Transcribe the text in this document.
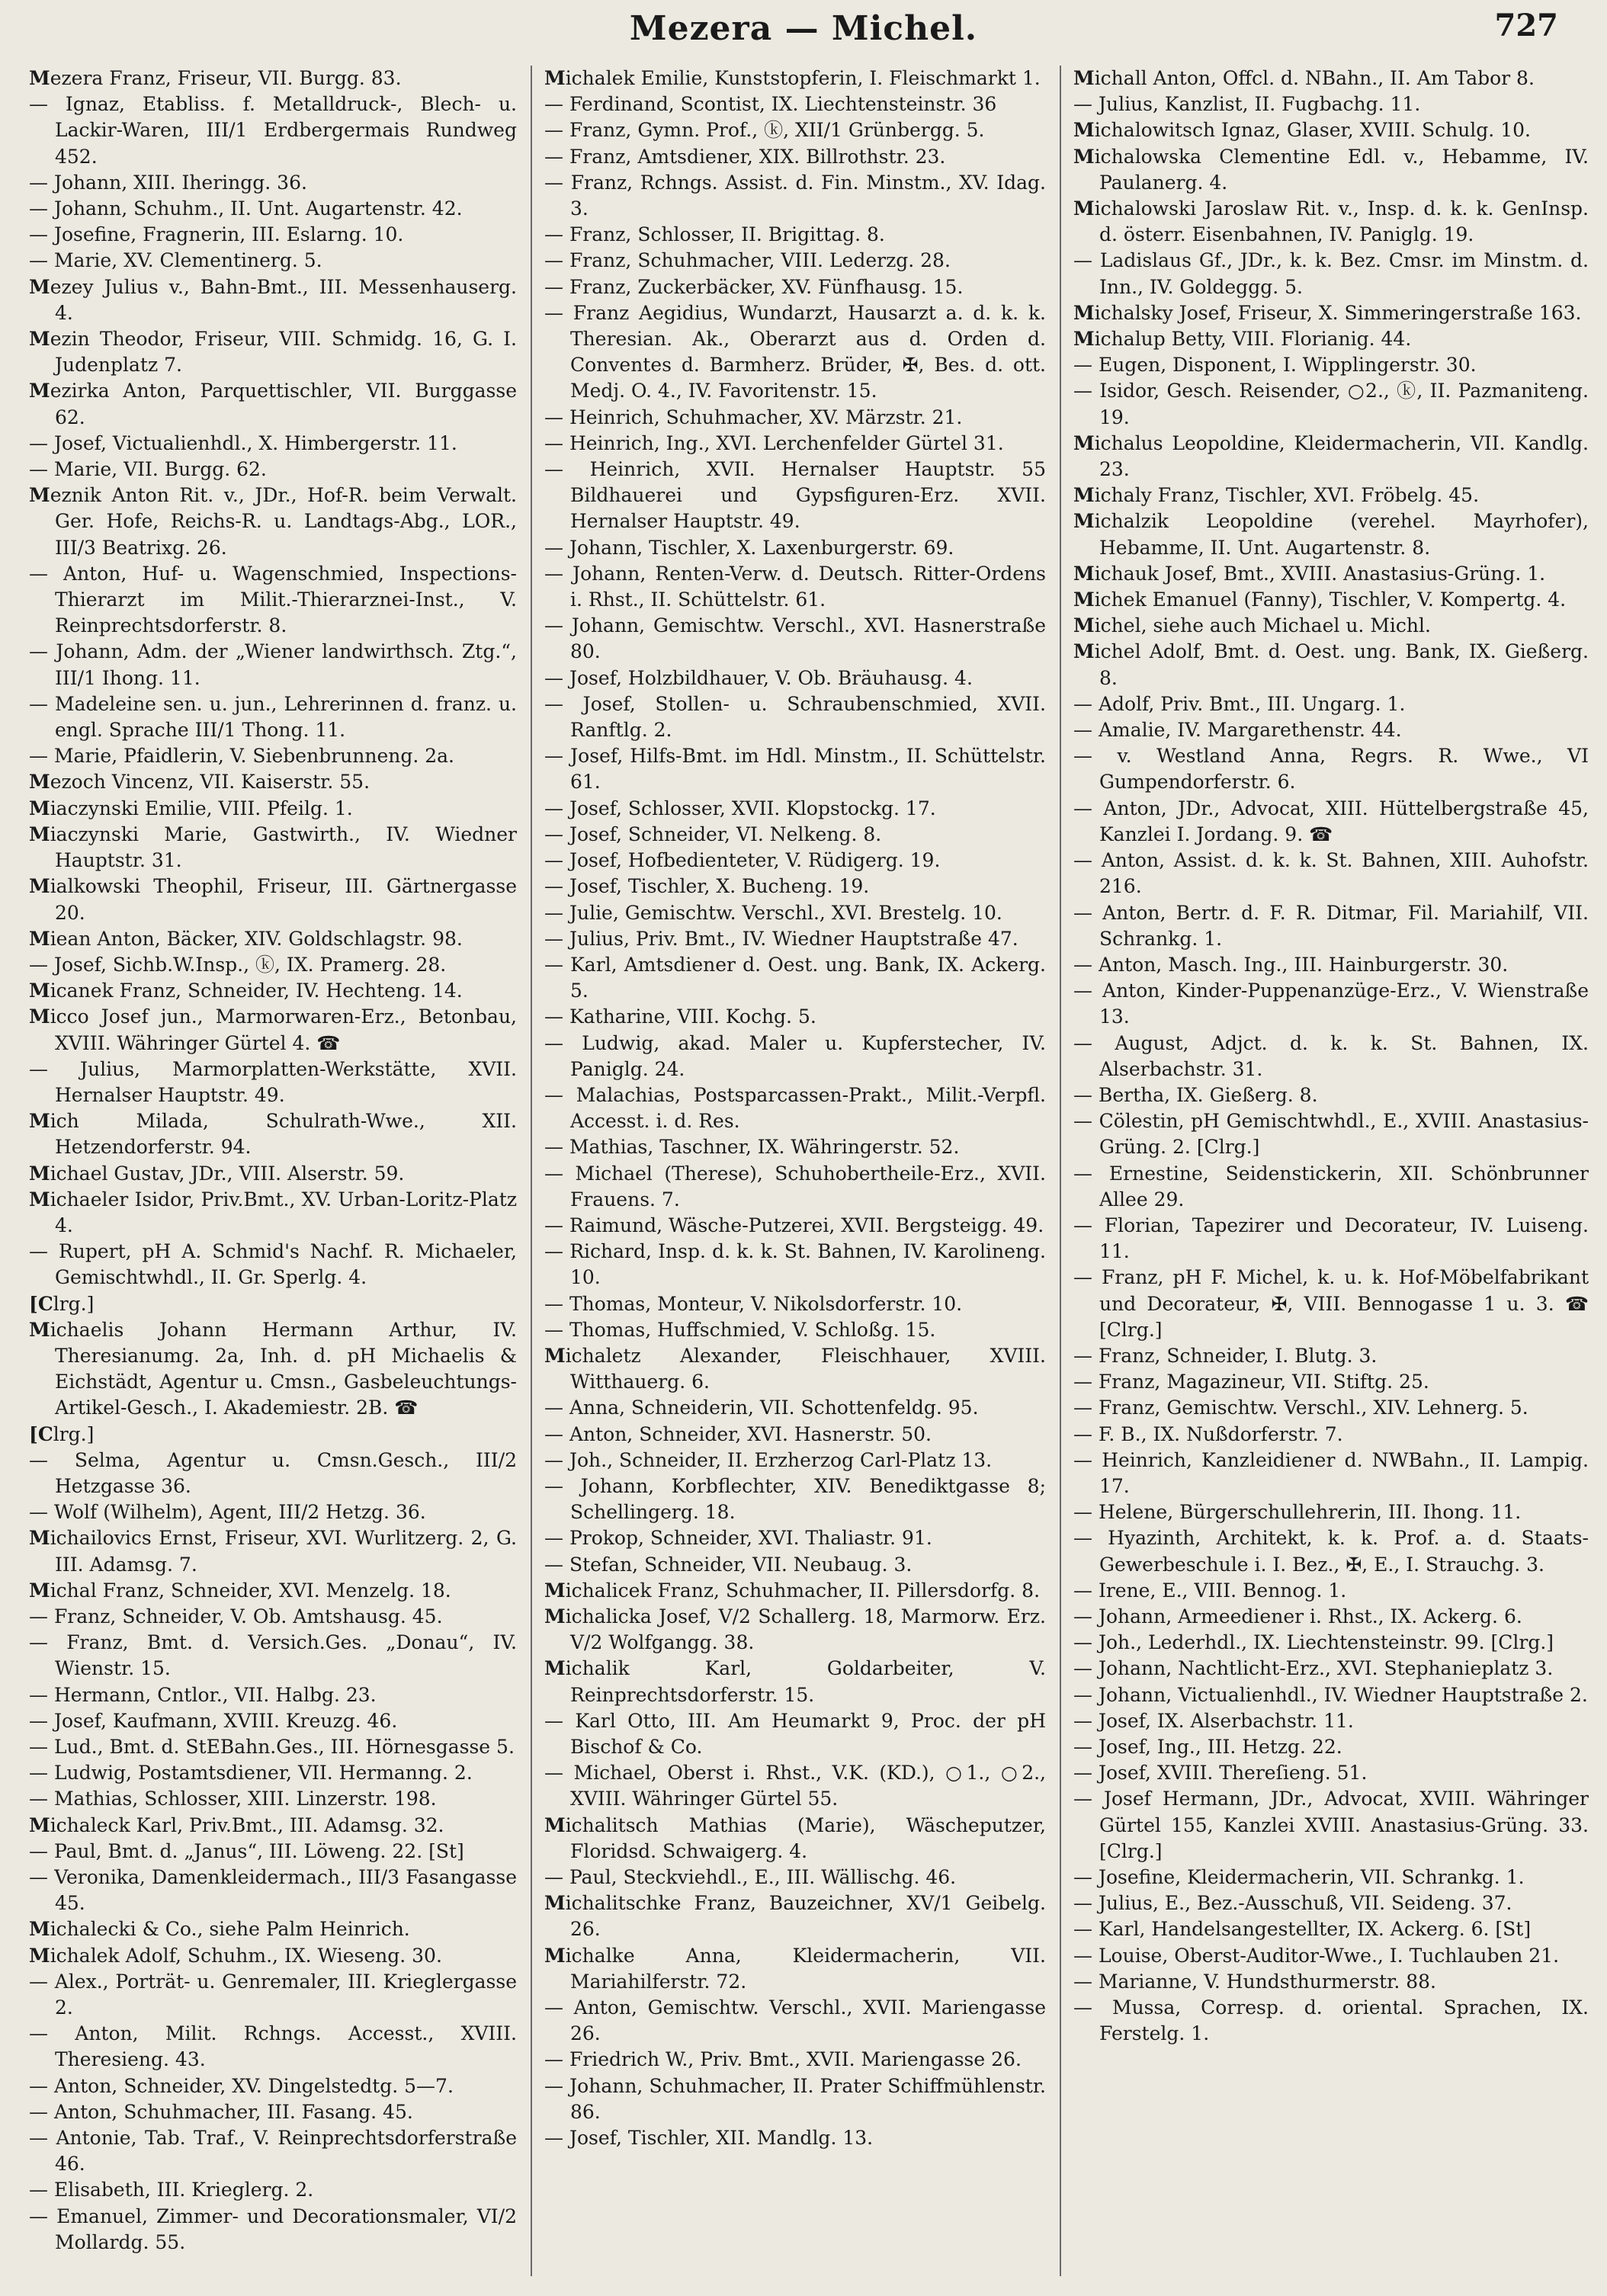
Mezera — Michel.	727
Mezera Franz, Friseur, VII. Burgg. 83.
— Ignaz, Etabliss. f. Metalldruck-, Blech- u. Lackir-Waren, III/1 Erdbergermais Rundweg 452.
— Johann, XIII. Iheringg. 36.
— Johann, Schuhm., II. Unt. Augartenstr. 42.
— Josefine, Fragnerin, III. Eslarng. 10.
— Marie, XV. Clementinerg. 5.
Mezey Julius v., Bahn-Bmt., III. Messenhauserg. 4.
Mezin Theodor, Friseur, VIII. Schmidg. 16, G. I. Judenplatz 7.
Mezirka Anton, Parquettischler, VII. Burggasse 62.
— Josef, Victualienhdl., X. Himbergerstr. 11.
— Marie, VII. Burgg. 62.
Meznik Anton Rit. v., JDr., Hof-R. beim Verwalt. Ger. Hofe, Reichs-R. u. Landtags-Abg., LOR., III/3 Beatrixg. 26.
— Anton, Huf- u. Wagenschmied, Inspections-Thierarzt im Milit.-Thierarznei-Inst., V. Reinprechtsdorferstr. 8.
— Johann, Adm. der „Wiener landwirthsch. Ztg.“, III/1 Ihong. 11.
— Madeleine sen. u. jun., Lehrerinnen d. franz. u. engl. Sprache III/1 Thong. 11.
— Marie, Pfaidlerin, V. Siebenbrunneng. 2a.
Mezoch Vincenz, VII. Kaiserstr. 55.
Miaczynski Emilie, VIII. Pfeilg. 1.
Miaczynski Marie, Gastwirth., IV. Wiedner Hauptstr. 31.
Mialkowski Theophil, Friseur, III. Gärtnergasse 20.
Miean Anton, Bäcker, XIV. Goldschlagstr. 98.
— Josef, Sichb.W.Insp., ⓚ, IX. Pramerg. 28.
Micanek Franz, Schneider, IV. Hechteng. 14.
Micco Josef jun., Marmorwaren-Erz., Betonbau, XVIII. Währinger Gürtel 4. ☎
— Julius, Marmorplatten-Werkstätte, XVII. Hernalser Hauptstr. 49.
Mich Milada, Schulrath-Wwe., XII. Hetzendorferstr. 94.
Michael Gustav, JDr., VIII. Alserstr. 59.
Michaeler Isidor, Priv.Bmt., XV. Urban-Loritz-Platz 4.
— Rupert, pH A. Schmid's Nachf. R. Michaeler, Gemischtwhdl., II. Gr. Sperlg. 4.
[Clrg.]
Michaelis Johann Hermann Arthur, IV. Theresianumg. 2a, Inh. d. pH Michaelis & Eichstädt, Agentur u. Cmsn., Gasbeleuchtungs-Artikel-Gesch., I. Akademiestr. 2B. ☎
[Clrg.]
— Selma, Agentur u. Cmsn.Gesch., III/2 Hetzgasse 36.
— Wolf (Wilhelm), Agent, III/2 Hetzg. 36.
Michailovics Ernst, Friseur, XVI. Wurlitzerg. 2, G. III. Adamsg. 7.
Michal Franz, Schneider, XVI. Menzelg. 18.
— Franz, Schneider, V. Ob. Amtshausg. 45.
— Franz, Bmt. d. Versich.Ges. „Donau“, IV. Wienstr. 15.
— Hermann, Cntlor., VII. Halbg. 23.
— Josef, Kaufmann, XVIII. Kreuzg. 46.
— Lud., Bmt. d. StEBahn.Ges., III. Hörnesgasse 5.
— Ludwig, Postamtsdiener, VII. Hermanng. 2.
— Mathias, Schlosser, XIII. Linzerstr. 198.
Michaleck Karl, Priv.Bmt., III. Adamsg. 32.
— Paul, Bmt. d. „Janus“, III. Löweng. 22. [St]
— Veronika, Damenkleidermach., III/3 Fasangasse 45.
Michalecki & Co., siehe Palm Heinrich.
Michalek Adolf, Schuhm., IX. Wieseng. 30.
— Alex., Porträt- u. Genremaler, III. Krieglergasse 2.
— Anton, Milit. Rchngs. Accesst., XVIII. Theresieng. 43.
— Anton, Schneider, XV. Dingelstedtg. 5—7.
— Anton, Schuhmacher, III. Fasang. 45.
— Antonie, Tab. Traf., V. Reinprechtsdorferstraße 46.
— Elisabeth, III. Krieglerg. 2.
— Emanuel, Zimmer- und Decorationsmaler, VI/2 Mollardg. 55.
Michalek Emilie, Kunststopferin, I. Fleischmarkt 1.
— Ferdinand, Scontist, IX. Liechtensteinstr. 36
— Franz, Gymn. Prof., ⓚ, XII/1 Grünbergg. 5.
— Franz, Amtsdiener, XIX. Billrothstr. 23.
— Franz, Rchngs. Assist. d. Fin. Minstm., XV. Idag. 3.
— Franz, Schlosser, II. Brigittag. 8.
— Franz, Schuhmacher, VIII. Lederzg. 28.
— Franz, Zuckerbäcker, XV. Fünfhausg. 15.
— Franz Aegidius, Wundarzt, Hausarzt a. d. k. k. Theresian. Ak., Oberarzt aus d. Orden d. Conventes d. Barmherz. Brüder, ✠, Bes. d. ott. Medj. O. 4., IV. Favoritenstr. 15.
— Heinrich, Schuhmacher, XV. Märzstr. 21.
— Heinrich, Ing., XVI. Lerchenfelder Gürtel 31.
— Heinrich, XVII. Hernalser Hauptstr. 55 Bildhauerei und Gypsfiguren-Erz. XVII. Hernalser Hauptstr. 49.
— Johann, Tischler, X. Laxenburgerstr. 69.
— Johann, Renten-Verw. d. Deutsch. Ritter-Ordens i. Rhst., II. Schüttelstr. 61.
— Johann, Gemischtw. Verschl., XVI. Hasnerstraße 80.
— Josef, Holzbildhauer, V. Ob. Bräuhausg. 4.
— Josef, Stollen- u. Schraubenschmied, XVII. Ranftlg. 2.
— Josef, Hilfs-Bmt. im Hdl. Minstm., II. Schüttelstr. 61.
— Josef, Schlosser, XVII. Klopstockg. 17.
— Josef, Schneider, VI. Nelkeng. 8.
— Josef, Hofbedienteter, V. Rüdigerg. 19.
— Josef, Tischler, X. Bucheng. 19.
— Julie, Gemischtw. Verschl., XVI. Brestelg. 10.
— Julius, Priv. Bmt., IV. Wiedner Hauptstraße 47.
— Karl, Amtsdiener d. Oest. ung. Bank, IX. Ackerg. 5.
— Katharine, VIII. Kochg. 5.
— Ludwig, akad. Maler u. Kupferstecher, IV. Paniglg. 24.
— Malachias, Postsparcassen-Prakt., Milit.-Verpfl. Accesst. i. d. Res.
— Mathias, Taschner, IX. Währingerstr. 52.
— Michael (Therese), Schuhobertheile-Erz., XVII. Frauens. 7.
— Raimund, Wäsche-Putzerei, XVII. Bergsteigg. 49.
— Richard, Insp. d. k. k. St. Bahnen, IV. Karolineng. 10.
— Thomas, Monteur, V. Nikolsdorferstr. 10.
— Thomas, Huffschmied, V. Schloßg. 15.
Michaletz Alexander, Fleischhauer, XVIII. Witthauerg. 6.
— Anna, Schneiderin, VII. Schottenfeldg. 95.
— Anton, Schneider, XVI. Hasnerstr. 50.
— Joh., Schneider, II. Erzherzog Carl-Platz 13.
— Johann, Korbflechter, XIV. Benediktgasse 8; Schellingerg. 18.
— Prokop, Schneider, XVI. Thaliastr. 91.
— Stefan, Schneider, VII. Neubaug. 3.
Michalicek Franz, Schuhmacher, II. Pillersdorfg. 8.
Michalicka Josef, V/2 Schallerg. 18, Marmorw. Erz. V/2 Wolfgangg. 38.
Michalik Karl, Goldarbeiter, V. Reinprechtsdorferstr. 15.
— Karl Otto, III. Am Heumarkt 9, Proc. der pH Bischof & Co.
— Michael, Oberst i. Rhst., V.K. (KD.), ○1., ○2., XVIII. Währinger Gürtel 55.
Michalitsch Mathias (Marie), Wäscheputzer, Floridsd. Schwaigerg. 4.
— Paul, Steckviehdl., E., III. Wällischg. 46.
Michalitschke Franz, Bauzeichner, XV/1 Geibelg. 26.
Michalke Anna, Kleidermacherin, VII. Mariahilferstr. 72.
— Anton, Gemischtw. Verschl., XVII. Mariengasse 26.
— Friedrich W., Priv. Bmt., XVII. Mariengasse 26.
— Johann, Schuhmacher, II. Prater Schiffmühlenstr. 86.
— Josef, Tischler, XII. Mandlg. 13.
Michall Anton, Offcl. d. NBahn., II. Am Tabor 8.
— Julius, Kanzlist, II. Fugbachg. 11.
Michalowitsch Ignaz, Glaser, XVIII. Schulg. 10.
Michalowska Clementine Edl. v., Hebamme, IV. Paulanerg. 4.
Michalowski Jaroslaw Rit. v., Insp. d. k. k. GenInsp. d. österr. Eisenbahnen, IV. Paniglg. 19.
— Ladislaus Gf., JDr., k. k. Bez. Cmsr. im Minstm. d. Inn., IV. Goldeggg. 5.
Michalsky Josef, Friseur, X. Simmeringerstraße 163.
Michalup Betty, VIII. Florianig. 44.
— Eugen, Disponent, I. Wipplingerstr. 30.
— Isidor, Gesch. Reisender, ○2., ⓚ, II. Pazmaniteng. 19.
Michalus Leopoldine, Kleidermacherin, VII. Kandlg. 23.
Michaly Franz, Tischler, XVI. Fröbelg. 45.
Michalzik Leopoldine (verehel. Mayrhofer), Hebamme, II. Unt. Augartenstr. 8.
Michauk Josef, Bmt., XVIII. Anastasius-Grüng. 1.
Michek Emanuel (Fanny), Tischler, V. Kompertg. 4.
Michel, siehe auch Michael u. Michl.
Michel Adolf, Bmt. d. Oest. ung. Bank, IX. Gießerg. 8.
— Adolf, Priv. Bmt., III. Ungarg. 1.
— Amalie, IV. Margarethenstr. 44.
— v. Westland Anna, Regrs. R. Wwe., VI Gumpendorferstr. 6.
— Anton, JDr., Advocat, XIII. Hüttelbergstraße 45, Kanzlei I. Jordang. 9. ☎
— Anton, Assist. d. k. k. St. Bahnen, XIII. Auhofstr. 216.
— Anton, Bertr. d. F. R. Ditmar, Fil. Mariahilf, VII. Schrankg. 1.
— Anton, Masch. Ing., III. Hainburgerstr. 30.
— Anton, Kinder-Puppenanzüge-Erz., V. Wienstraße 13.
— August, Adjct. d. k. k. St. Bahnen, IX. Alserbachstr. 31.
— Bertha, IX. Gießerg. 8.
— Cölestin, pH Gemischtwhdl., E., XVIII. Anastasius-Grüng. 2. [Clrg.]
— Ernestine, Seidenstickerin, XII. Schönbrunner Allee 29.
— Florian, Tapezirer und Decorateur, IV. Luiseng. 11.
— Franz, pH F. Michel, k. u. k. Hof-Möbelfabrikant und Decorateur, ✠, VIII. Bennogasse 1 u. 3. ☎ [Clrg.]
— Franz, Schneider, I. Blutg. 3.
— Franz, Magazineur, VII. Stiftg. 25.
— Franz, Gemischtw. Verschl., XIV. Lehnerg. 5.
— F. B., IX. Nußdorferstr. 7.
— Heinrich, Kanzleidiener d. NWBahn., II. Lampig. 17.
— Helene, Bürgerschullehrerin, III. Ihong. 11.
— Hyazinth, Architekt, k. k. Prof. a. d. Staats-Gewerbeschule i. I. Bez., ✠, E., I. Strauchg. 3.
— Irene, E., VIII. Bennog. 1.
— Johann, Armeediener i. Rhst., IX. Ackerg. 6.
— Joh., Lederhdl., IX. Liechtensteinstr. 99. [Clrg.]
— Johann, Nachtlicht-Erz., XVI. Stephanieplatz 3.
— Johann, Victualienhdl., IV. Wiedner Hauptstraße 2.
— Josef, IX. Alserbachstr. 11.
— Josef, Ing., III. Hetzg. 22.
— Josef, XVIII. Thereſieng. 51.
— Josef Hermann, JDr., Advocat, XVIII. Währinger Gürtel 155, Kanzlei XVIII. Anastasius-Grüng. 33. [Clrg.]
— Josefine, Kleidermacherin, VII. Schrankg. 1.
— Julius, E., Bez.-Ausschuß, VII. Seideng. 37.
— Karl, Handelsangestellter, IX. Ackerg. 6. [St]
— Louise, Oberst-Auditor-Wwe., I. Tuchlauben 21.
— Marianne, V. Hundsthurmerstr. 88.
— Mussa, Corresp. d. oriental. Sprachen, IX. Ferstelg. 1.
